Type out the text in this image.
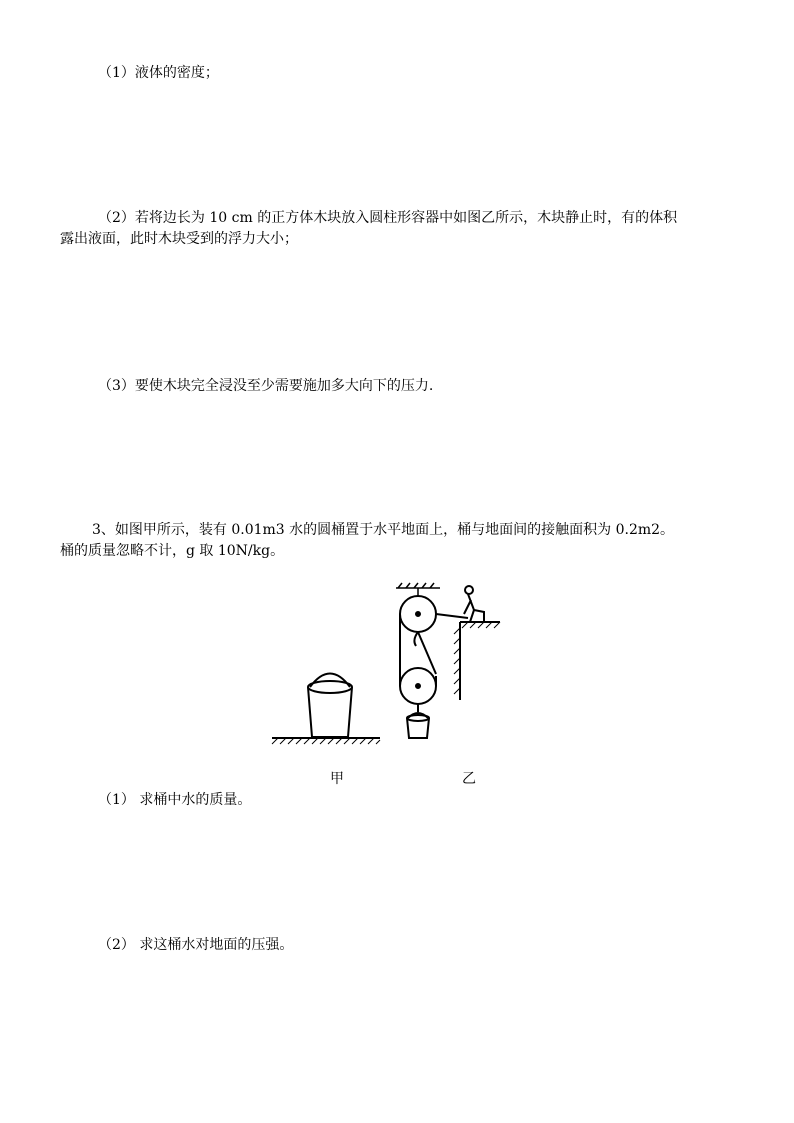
（1）液体的密度；
（2）若将边长为 10 cm 的正方体木块放入圆柱形容器中如图乙所示，木块静止时，有的体积
露出液面，此时木块受到的浮力大小；
（3）要使木块完全浸没至少需要施加多大向下的压力.
3、如图甲所示，装有 0.01m3 水的圆桶置于水平地面上，桶与地面间的接触面积为 0.2m2。
桶的质量忽略不计，g 取 10N/kg。
甲	乙
（1） 求桶中水的质量。
（2） 求这桶水对地面的压强。
